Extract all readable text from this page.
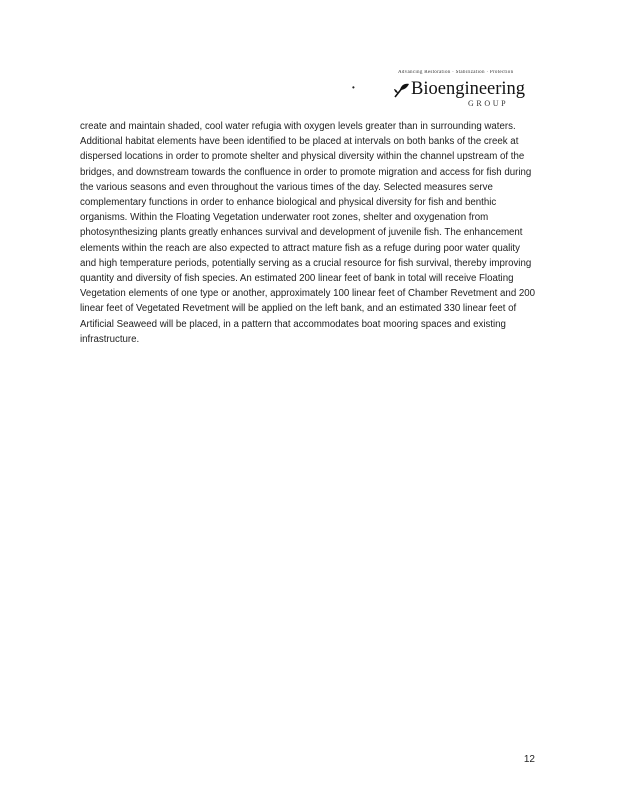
Advancing Restoration · Stabilization · Protection
•	Bioengineering
GROUP

create and maintain shaded, cool water refugia with oxygen levels greater than in surrounding waters. Additional habitat elements have been identified to be placed at intervals on both banks of the creek at dispersed locations in order to promote shelter and physical diversity within the channel upstream of the bridges, and downstream towards the confluence in order to promote migration and access for fish during the various seasons and even throughout the various times of the day. Selected measures serve complementary functions in order to enhance biological and physical diversity for fish and benthic organisms. Within the Floating Vegetation underwater root zones, shelter and oxygenation from photosynthesizing plants greatly enhances survival and development of juvenile fish. The enhancement elements within the reach are also expected to attract mature fish as a refuge during poor water quality and high temperature periods, potentially serving as a crucial resource for fish survival, thereby improving quantity and diversity of fish species. An estimated 200 linear feet of bank in total will receive Floating Vegetation elements of one type or another, approximately 100 linear feet of Chamber Revetment and 200 linear feet of Vegetated Revetment will be applied on the left bank, and an estimated 330 linear feet of Artificial Seaweed will be placed, in a pattern that accommodates boat mooring spaces and existing infrastructure.

12
